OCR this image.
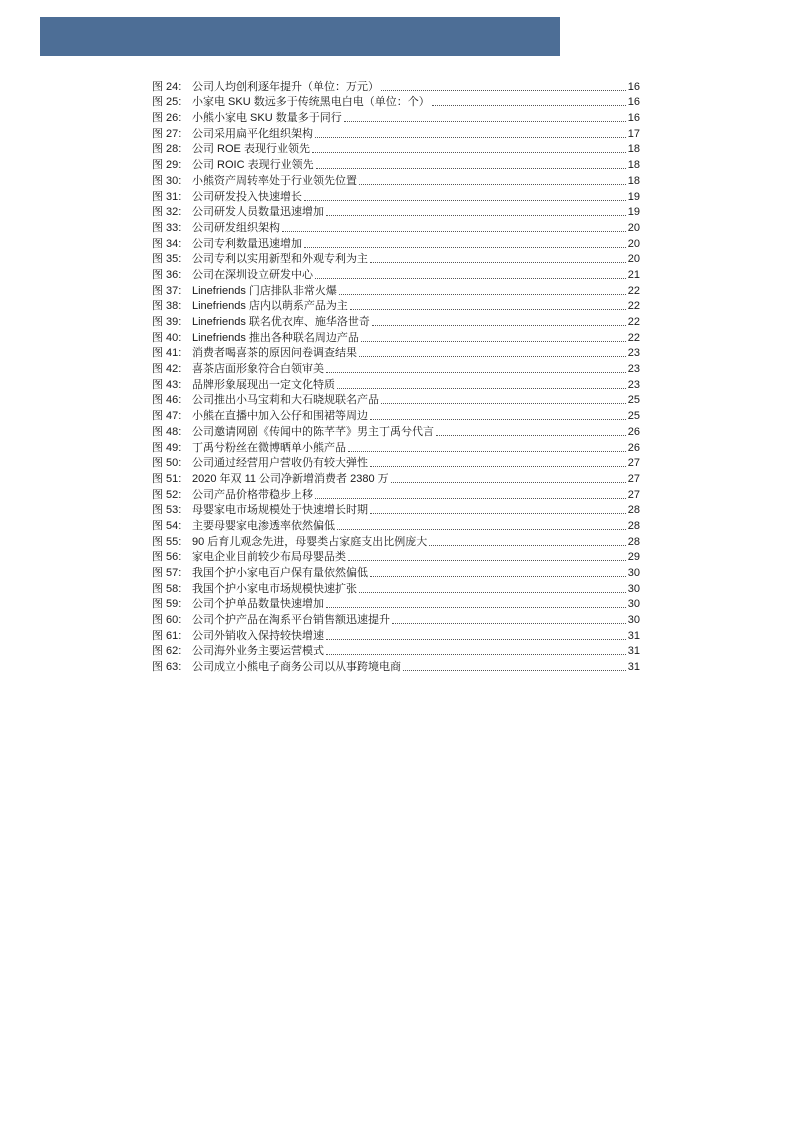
图 24: 公司人均创利逐年提升（单位：万元）	16
图 25: 小家电 SKU 数远多于传统黑电白电（单位：个）	16
图 26: 小熊小家电 SKU 数量多于同行	16
图 27: 公司采用扁平化组织架构	17
图 28: 公司 ROE 表现行业领先	18
图 29: 公司 ROIC 表现行业领先	18
图 30: 小熊资产周转率处于行业领先位置	18
图 31: 公司研发投入快速增长	19
图 32: 公司研发人员数量迅速增加	19
图 33: 公司研发组织架构	20
图 34: 公司专利数量迅速增加	20
图 35: 公司专利以实用新型和外观专利为主	20
图 36: 公司在深圳设立研发中心	21
图 37: Linefriends 门店排队非常火爆	22
图 38: Linefriends 店内以萌系产品为主	22
图 39: Linefriends 联名优衣库、施华洛世奇	22
图 40: Linefriends 推出各种联名周边产品	22
图 41: 消费者喝喜茶的原因问卷调查结果	23
图 42: 喜茶店面形象符合白领审美	23
图 43: 品牌形象展现出一定文化特质	23
图 46: 公司推出小马宝莉和大石晓规联名产品	25
图 47: 小熊在直播中加入公仔和围裙等周边	25
图 48: 公司邀请网剧《传闻中的陈芊芊》男主丁禹兮代言	26
图 49: 丁禹兮粉丝在微博晒单小熊产品	26
图 50: 公司通过经营用户营收仍有较大弹性	27
图 51: 2020 年双 11 公司净新增消费者 2380 万	27
图 52: 公司产品价格带稳步上移	27
图 53: 母婴家电市场规模处于快速增长时期	28
图 54: 主要母婴家电渗透率依然偏低	28
图 55: 90 后育儿观念先进，母婴类占家庭支出比例庞大	28
图 56: 家电企业目前较少布局母婴品类	29
图 57: 我国个护小家电百户保有量依然偏低	30
图 58: 我国个护小家电市场规模快速扩张	30
图 59: 公司个护单品数量快速增加	30
图 60: 公司个护产品在淘系平台销售额迅速提升	30
图 61: 公司外销收入保持较快增速	31
图 62: 公司海外业务主要运营模式	31
图 63: 公司成立小熊电子商务公司以从事跨境电商	31
